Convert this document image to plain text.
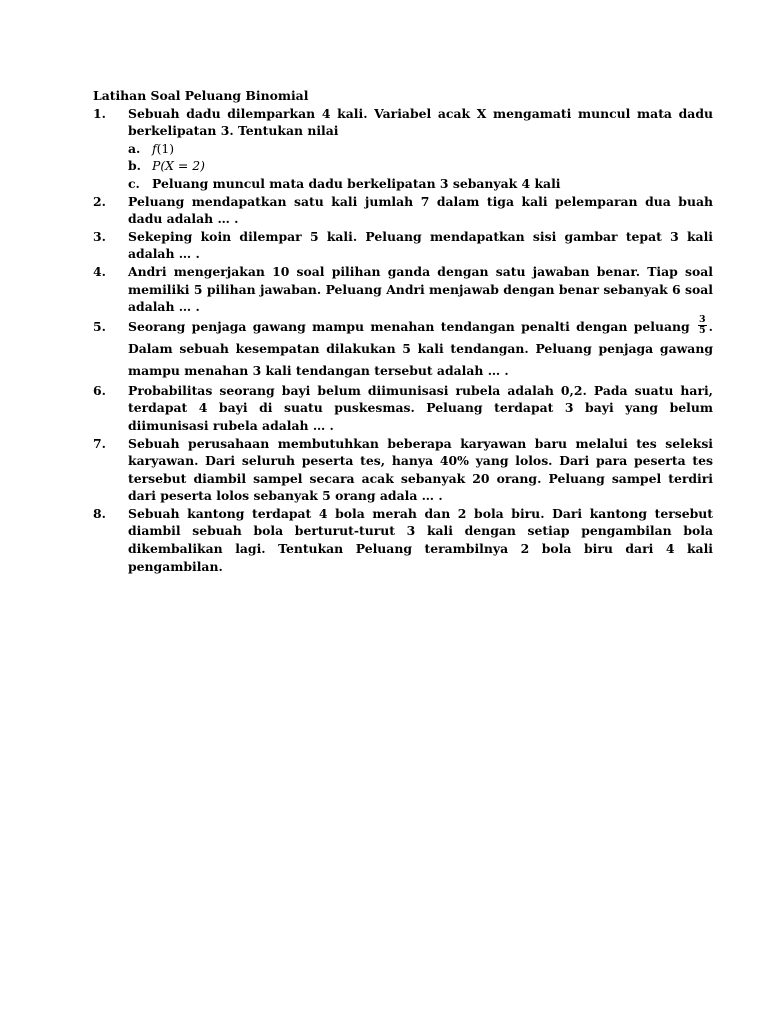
Latihan Soal Peluang Binomial
1.	Sebuah dadu dilemparkan 4 kali. Variabel acak X mengamati muncul mata dadu berkelipatan 3. Tentukan nilai
a. f(1)
b. P(X = 2)
c. Peluang muncul mata dadu berkelipatan 3 sebanyak 4 kali
2.	Peluang mendapatkan satu kali jumlah 7 dalam tiga kali pelemparan dua buah dadu adalah … .
3.	Sekeping koin dilempar 5 kali. Peluang mendapatkan sisi gambar tepat 3 kali adalah … .
4.	Andri mengerjakan 10 soal pilihan ganda dengan satu jawaban benar. Tiap soal memiliki 5 pilihan jawaban. Peluang Andri menjawab dengan benar sebanyak 6 soal adalah … .
5.	Seorang penjaga gawang mampu menahan tendangan penalti dengan peluang $\frac{3}{5}$ . Dalam sebuah kesempatan dilakukan 5 kali tendangan. Peluang penjaga gawang mampu menahan 3 kali tendangan tersebut adalah … .
6.	Probabilitas seorang bayi belum diimunisasi rubela adalah 0,2. Pada suatu hari, terdapat 4 bayi di suatu puskesmas. Peluang terdapat 3 bayi yang belum diimunisasi rubela adalah … .
7.	Sebuah perusahaan membutuhkan beberapa karyawan baru melalui tes seleksi karyawan. Dari seluruh peserta tes, hanya 40% yang lolos. Dari para peserta tes tersebut diambil sampel secara acak sebanyak 20 orang. Peluang sampel terdiri dari peserta lolos sebanyak 5 orang adala … .
8.	Sebuah kantong terdapat 4 bola merah dan 2 bola biru. Dari kantong tersebut diambil sebuah bola berturut-turut 3 kali dengan setiap pengambilan bola dikembalikan lagi. Tentukan Peluang terambilnya 2 bola biru dari 4 kali pengambilan.
